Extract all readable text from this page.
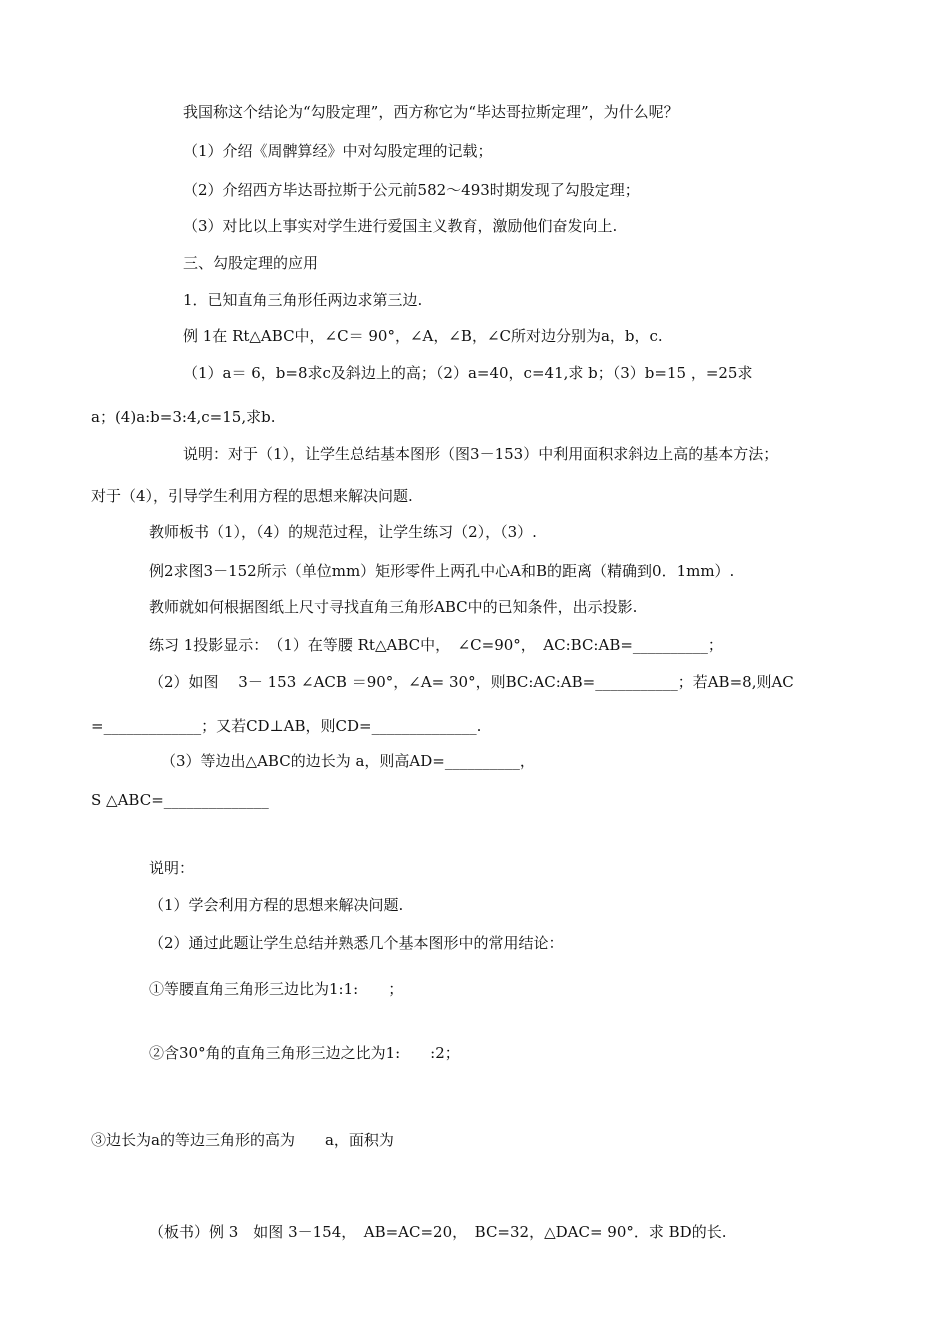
我国称这个结论为“勾股定理”，西方称它为“毕达哥拉斯定理”，为什么呢？
（1）介绍《周髀算经》中对勾股定理的记载；
（2）介绍西方毕达哥拉斯于公元前582～493时期发现了勾股定理；
（3）对比以上事实对学生进行爱国主义教育，激励他们奋发向上.
三、勾股定理的应用
1．已知直角三角形任两边求第三边.
例 1在 Rt△ABC中，∠C＝ 90°，∠A，∠B，∠C所对边分别为a，b，c.
（1）a＝ 6，b=8求c及斜边上的高；（2）a=40，c=41,求 b；（3）b=15 ，=25求
a；(4)a:b=3:4,c=15,求b.
说明：对于（1），让学生总结基本图形（图3－153）中利用面积求斜边上高的基本方法；
对于（4），引导学生利用方程的思想来解决问题.
教师板书（1），（4）的规范过程，让学生练习（2），（3）.
例2求图3－152所示（单位mm）矩形零件上两孔中心A和B的距离（精确到0．1mm）.
教师就如何根据图纸上尺寸寻找直角三角形ABC中的已知条件，出示投影.
练习 1投影显示：　（1）在等腰 Rt△ABC中，　∠C=90°，　AC:BC:AB=__________；
（2）如图　 3－ 153 ∠ACB ＝90°，∠A= 30°，则BC:AC:AB=___________；若AB=8,则AC
=_____________；又若CD⊥AB，则CD=______________.
（3）等边出△ABC的边长为 a，则高AD=__________，
S △ABC=______________
说明：
（1）学会利用方程的思想来解决问题.
（2）通过此题让学生总结并熟悉几个基本图形中的常用结论：
①等腰直角三角形三边比为1:1:　　；
②含30°角的直角三角形三边之比为1:　　:2；
③边长为a的等边三角形的高为　　a，面积为
（板书）例 3　如图 3－154，　AB=AC=20，　BC=32，△DAC= 90°．求 BD的长.
